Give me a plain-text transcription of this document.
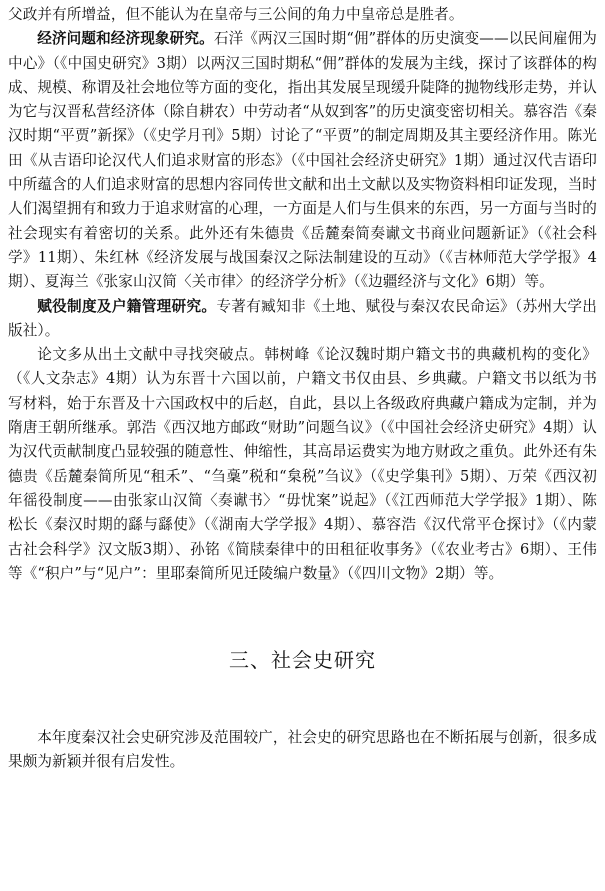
父政并有所增益，但不能认为在皇帝与三公间的角力中皇帝总是胜者。

经济问题和经济现象研究。石洋《两汉三国时期“佣”群体的历史演变——以民间雇佣为中心》（《中国史研究》3期）以两汉三国时期私“佣”群体的发展为主线，探讨了该群体的构成、规模、称谓及社会地位等方面的变化，指出其发展呈现缓升陡降的抛物线形走势，并认为它与汉晋私营经济体（除自耕农）中劳动者“从奴到客”的历史演变密切相关。慕容浩《秦汉时期“平贾”新探》（《史学月刊》5期）讨论了“平贾”的制定周期及其主要经济作用。陈光田《从吉语印论汉代人们追求财富的形态》（《中国社会经济史研究》1期）通过汉代吉语印中所蕴含的人们追求财富的思想内容同传世文献和出土文献以及实物资料相印证发现，当时人们渴望拥有和致力于追求财富的心理，一方面是人们与生俱来的东西，另一方面与当时的社会现实有着密切的关系。此外还有朱德贵《岳麓秦简奏谳文书商业问题新证》（《社会科学》11期）、朱红林《经济发展与战国秦汉之际法制建设的互动》（《吉林师范大学学报》4期）、夏海兰《张家山汉简〈关市律〉的经济学分析》（《边疆经济与文化》6期）等。

赋役制度及户籍管理研究。专著有臧知非《土地、赋役与秦汉农民命运》（苏州大学出版社）。

论文多从出土文献中寻找突破点。韩树峰《论汉魏时期户籍文书的典藏机构的变化》（《人文杂志》4期）认为东晋十六国以前，户籍文书仅由县、乡典藏。户籍文书以纸为书写材料，始于东晋及十六国政权中的后赵，自此，县以上各级政府典藏户籍成为定制，并为隋唐王朝所继承。郭浩《西汉地方邮政“财助”问题刍议》（《中国社会经济史研究》4期）认为汉代贡献制度凸显较强的随意性、伸缩性，其高昂运费实为地方财政之重负。此外还有朱德贵《岳麓秦简所见“租禾”、“刍稾”税和“枲税”刍议》（《史学集刊》5期）、万荣《西汉初年徭役制度——由张家山汉简〈奏谳书〉“毋忧案”说起》（《江西师范大学学报》1期）、陈松长《秦汉时期的繇与繇使》（《湖南大学学报》4期）、慕容浩《汉代常平仓探讨》（《内蒙古社会科学》汉文版3期）、孙铭《简牍秦律中的田租征收事务》（《农业考古》6期）、王伟等《“积户”与“见户”：里耶秦简所见迁陵编户数量》（《四川文物》2期）等。

三、社会史研究

本年度秦汉社会史研究涉及范围较广，社会史的研究思路也在不断拓展与创新，很多成果颇为新颖并很有启发性。
